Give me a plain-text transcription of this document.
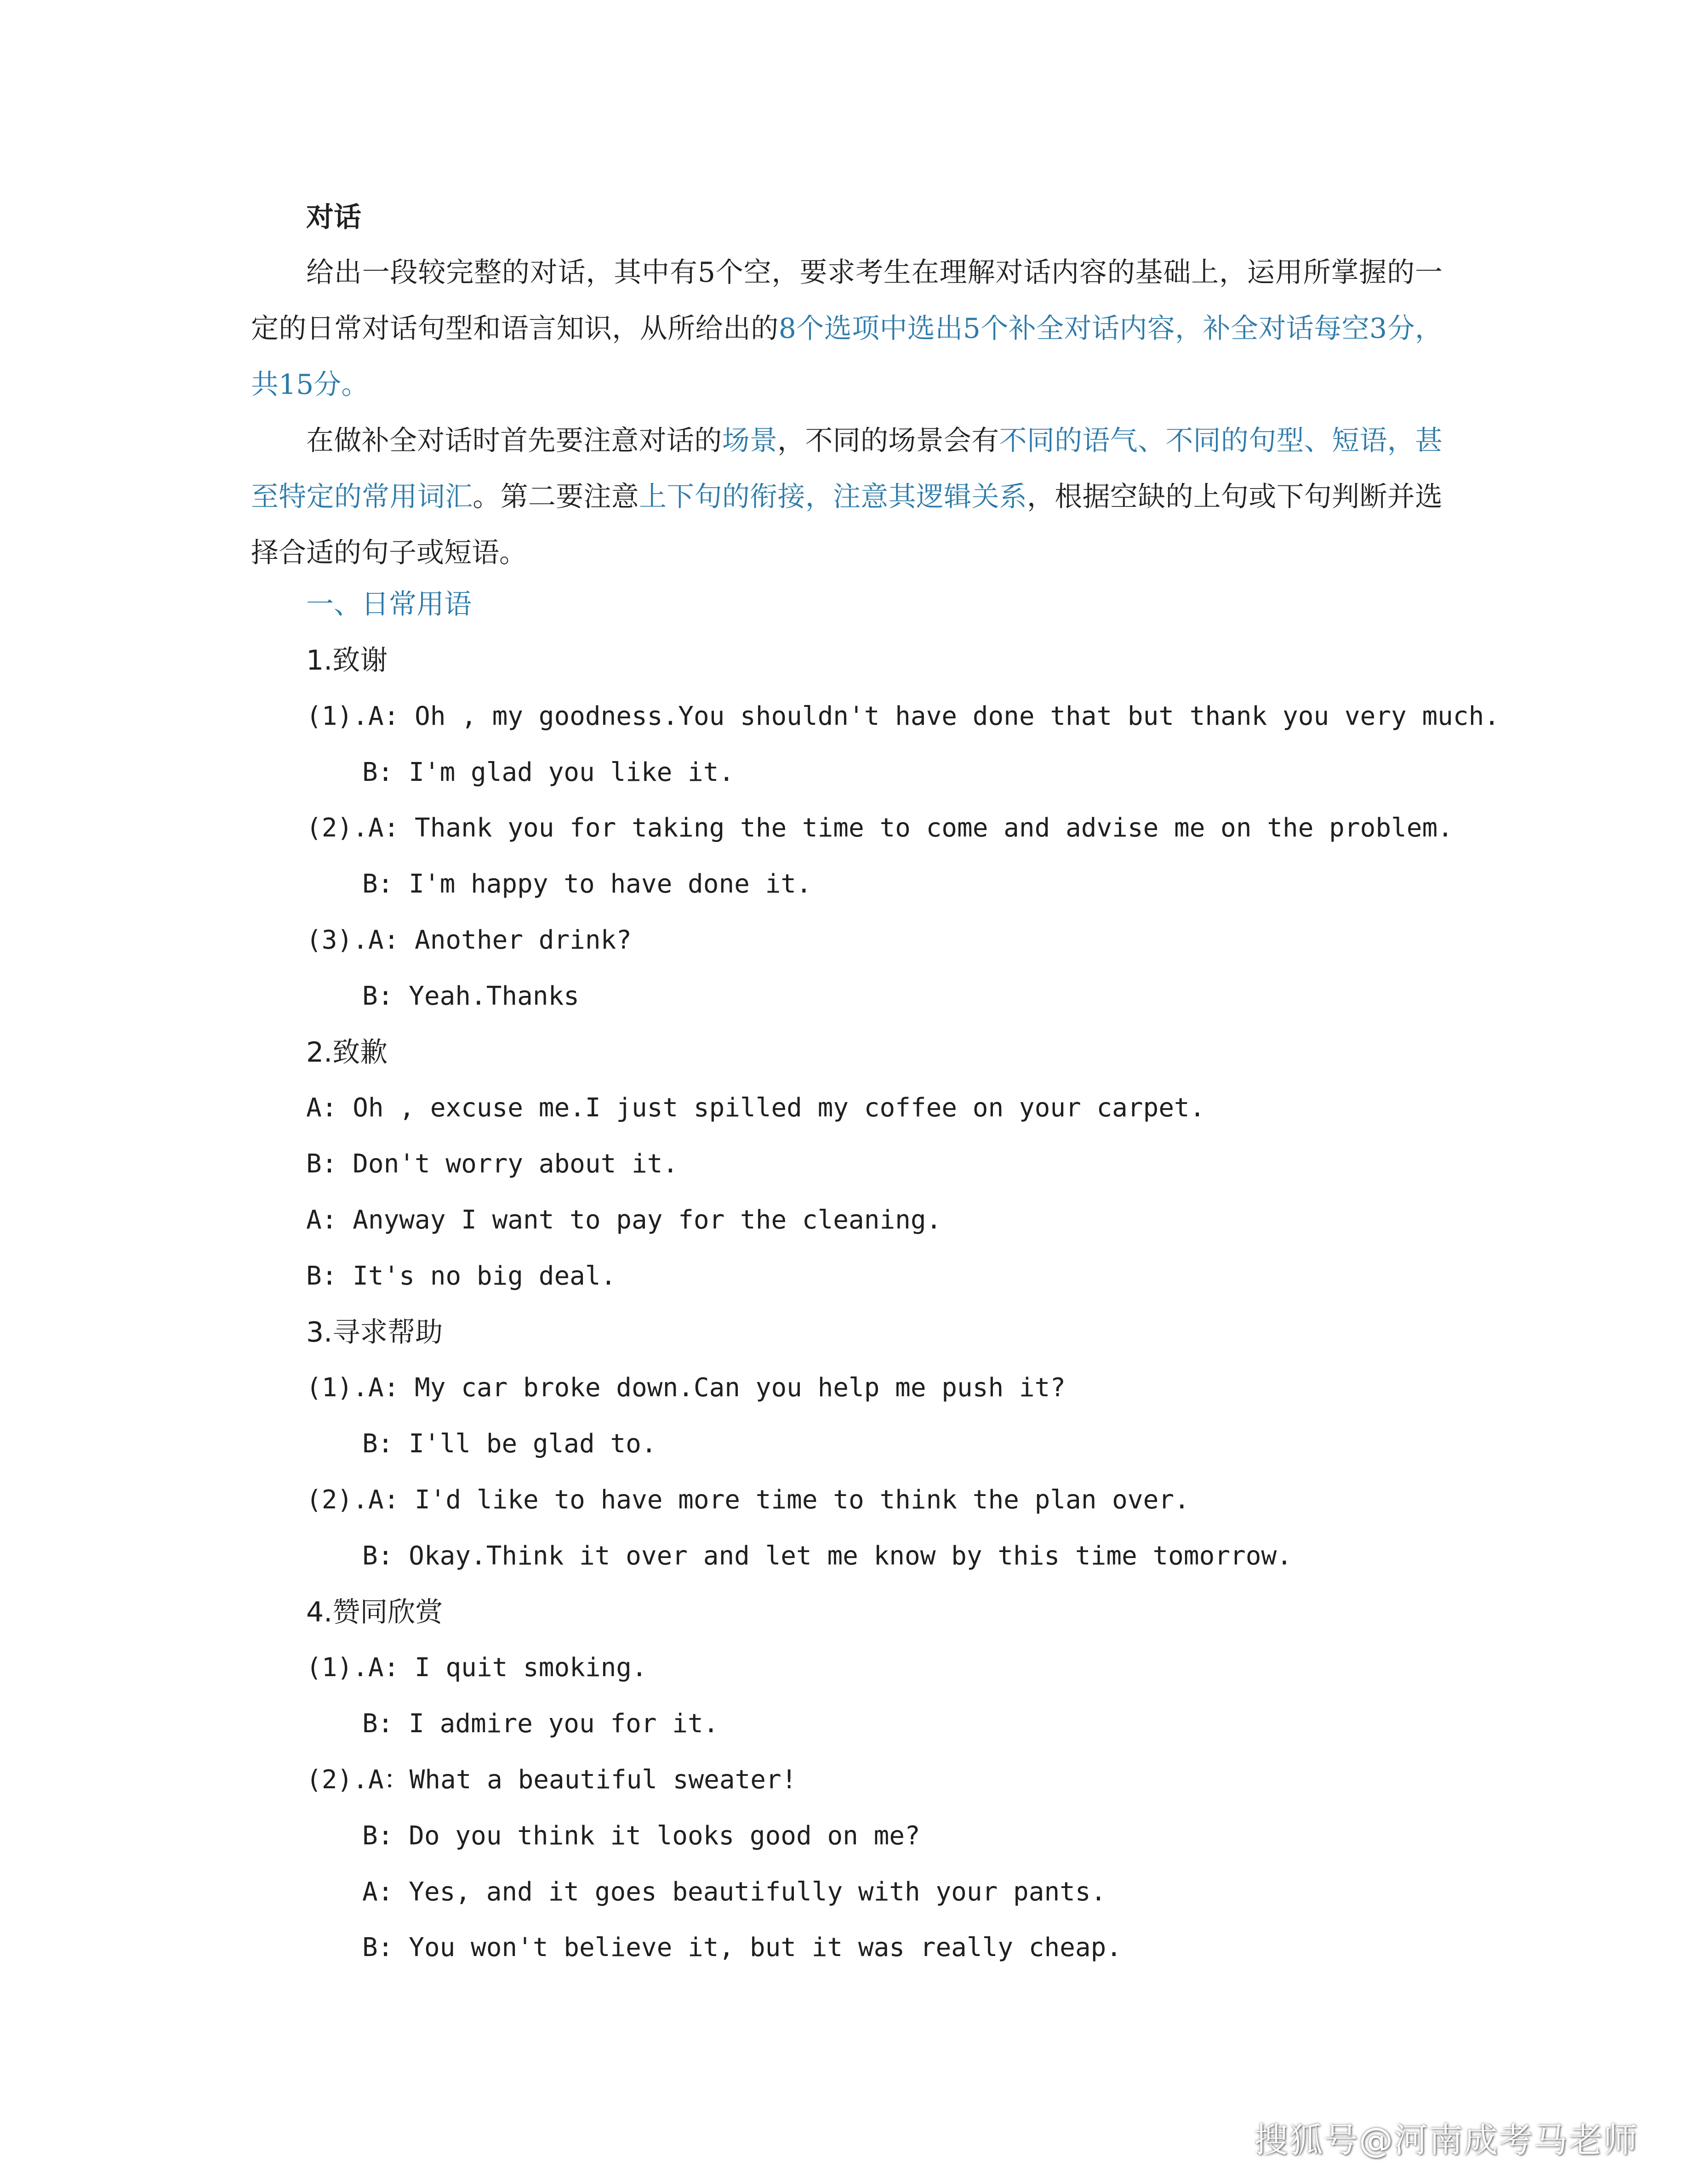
对话
给出一段较完整的对话，其中有5个空，要求考生在理解对话内容的基础上，运用所掌握的一定的日常对话句型和语言知识，从所给出的8个选项中选出5个补全对话内容，补全对话每空3分，共15分。
在做补全对话时首先要注意对话的场景，不同的场景会有不同的语气、不同的句型、短语，甚至特定的常用词汇。第二要注意上下句的衔接，注意其逻辑关系，根据空缺的上句或下句判断并选择合适的句子或短语。
一、日常用语
1.致谢
(1).A: Oh , my goodness.You shouldn't have done that but thank you very much.
B: I'm glad you like it.
(2).A: Thank you for taking the time to come and advise me on the problem.
B: I'm happy to have done it.
(3).A: Another drink?
B: Yeah.Thanks
2.致歉
A: Oh , excuse me.I just spilled my coffee on your carpet.
B: Don't worry about it.
A: Anyway I want to pay for the cleaning.
B: It's no big deal.
3.寻求帮助
(1).A: My car broke down.Can you help me push it?
B: I'll be glad to.
(2).A: I'd like to have more time to think the plan over.
B: Okay.Think it over and let me know by this time tomorrow.
4.赞同欣赏
(1).A: I quit smoking.
B: I admire you for it.
(2).A：What a beautiful sweater!
B: Do you think it looks good on me?
A: Yes, and it goes beautifully with your pants.
B: You won't believe it, but it was really cheap.
搜狐号@河南成考马老师
